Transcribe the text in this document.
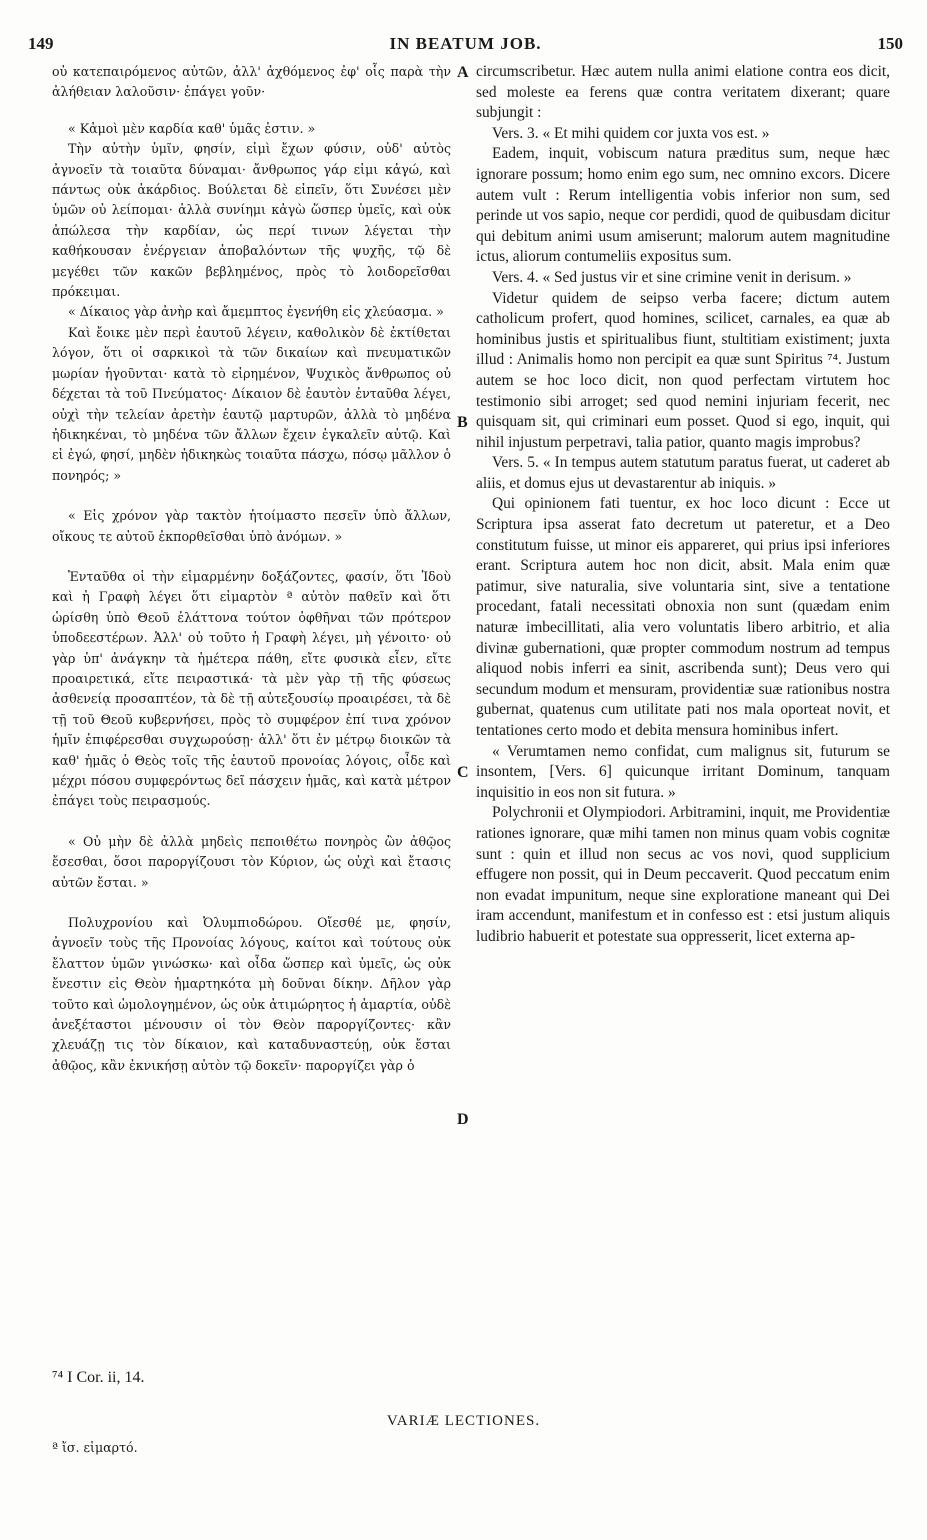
149	IN BEATUM JOB.	150

οὐ κατεπαιρόμενος αὐτῶν, ἀλλ' ἀχθόμενος ἐφ' οἷς παρὰ τὴν ἀλήθειαν λαλοῦσιν· ἐπάγει γοῦν·

« Κἀμοὶ μὲν καρδία καθ' ὑμᾶς ἐστιν. »

Τὴν αὐτὴν ὑμῖν, φησίν, εἰμὶ ἔχων φύσιν, οὐδ' αὐτὸς ἀγνοεῖν τὰ τοιαῦτα δύναμαι· ἄνθρωπος γάρ εἰμι κἀγώ, καὶ πάντως οὐκ ἀκάρδιος. Βούλεται δὲ εἰπεῖν, ὅτι Συνέσει μὲν ὑμῶν οὐ λείπομαι· ἀλλὰ συνίημι κἀγὼ ὥσπερ ὑμεῖς, καὶ οὐκ ἀπώλεσα τὴν καρδίαν, ὡς περί τινων λέγεται τὴν καθήκουσαν ἐνέργειαν ἀποβαλόντων τῆς ψυχῆς, τῷ δὲ μεγέθει τῶν κακῶν βεβλημένος, πρὸς τὸ λοιδορεῖσθαι πρόκειμαι.

« Δίκαιος γὰρ ἀνὴρ καὶ ἄμεμπτος ἐγενήθη εἰς χλεύασμα. »

Καὶ ἔοικε μὲν περὶ ἑαυτοῦ λέγειν, καθολικὸν δὲ ἐκτίθεται λόγον, ὅτι οἱ σαρκικοὶ τὰ τῶν δικαίων καὶ πνευματικῶν μωρίαν ἡγοῦνται· κατὰ τὸ εἰρημένον, Ψυχικὸς ἄνθρωπος οὐ δέχεται τὰ τοῦ Πνεύματος· Δίκαιον δὲ ἑαυτὸν ἐνταῦθα λέγει, οὐχὶ τὴν τελείαν ἀρετὴν ἑαυτῷ μαρτυρῶν, ἀλλὰ τὸ μηδένα ἠδικηκέναι, τὸ μηδένα τῶν ἄλλων ἔχειν ἐγκαλεῖν αὐτῷ. Καὶ εἰ ἐγώ, φησί, μηδὲν ἠδικηκὼς τοιαῦτα πάσχω, πόσῳ μᾶλλον ὁ πονηρός; »

« Εἰς χρόνον γὰρ τακτὸν ἡτοίμαστο πεσεῖν ὑπὸ ἄλλων, οἴκους τε αὐτοῦ ἐκπορθεῖσθαι ὑπὸ ἀνόμων. »

Ἐνταῦθα οἱ τὴν εἱμαρμένην δοξάζοντες, φασίν, ὅτι Ἰδοὺ καὶ ἡ Γραφὴ λέγει ὅτι εἱμαρτὸν ª αὐτὸν παθεῖν καὶ ὅτι ὡρίσθη ὑπὸ Θεοῦ ἐλάττονα τούτον ὀφθῆναι τῶν πρότερον ὑποδεεστέρων. Ἀλλ' οὐ τοῦτο ἡ Γραφὴ λέγει, μὴ γένοιτο· οὐ γὰρ ὑπ' ἀνάγκην τὰ ἡμέτερα πάθη, εἴτε φυσικὰ εἶεν, εἴτε προαιρετικά, εἴτε πειραστικά· τὰ μὲν γὰρ τῇ τῆς φύσεως ἀσθενείᾳ προσαπτέον, τὰ δὲ τῇ αὐτεξουσίῳ προαιρέσει, τὰ δὲ τῇ τοῦ Θεοῦ κυβερνήσει, πρὸς τὸ συμφέρον ἐπί τινα χρόνον ἡμῖν ἐπιφέρεσθαι συγχωρούσῃ· ἀλλ' ὅτι ἐν μέτρῳ διοικῶν τὰ καθ' ἡμᾶς ὁ Θεὸς τοῖς τῆς ἑαυτοῦ προνοίας λόγοις, οἶδε καὶ μέχρι πόσου συμφερόντως δεῖ πάσχειν ἡμᾶς, καὶ κατὰ μέτρον ἐπάγει τοὺς πειρασμούς.

« Οὐ μὴν δὲ ἀλλὰ μηδεὶς πεποιθέτω πονηρὸς ὢν ἀθῷος ἔσεσθαι, ὅσοι παροργίζουσι τὸν Κύριον, ὡς οὐχὶ καὶ ἔτασις αὐτῶν ἔσται. »

Πολυχρονίου καὶ Ὀλυμπιοδώρου. Οἴεσθέ με, φησίν, ἀγνοεῖν τοὺς τῆς Προνοίας λόγους, καίτοι καὶ τούτους οὐκ ἔλαττον ὑμῶν γινώσκω· καὶ οἶδα ὥσπερ καὶ ὑμεῖς, ὡς οὐκ ἔνεστιν εἰς Θεὸν ἡμαρτηκότα μὴ δοῦναι δίκην. Δῆλον γὰρ τοῦτο καὶ ὡμολογημένον, ὡς οὐκ ἀτιμώρητος ἡ ἁμαρτία, οὐδὲ ἀνεξέταστοι μένουσιν οἱ τὸν Θεὸν παροργίζοντες· κἂν χλευάζῃ τις τὸν δίκαιον, καὶ καταδυναστεύῃ, οὐκ ἔσται ἀθῷος, κἂν ἐκνικήσῃ αὐτὸν τῷ δοκεῖν· παροργίζει γὰρ ὁ

circumscribetur. Hæc autem nulla animi elatione contra eos dicit, sed moleste ea ferens quæ contra veritatem dixerant; quare subjungit :

Vers. 3. « Et mihi quidem cor juxta vos est. »

Eadem, inquit, vobiscum natura præditus sum, neque hæc ignorare possum; homo enim ego sum, nec omnino excors. Dicere autem vult : Rerum intelligentia vobis inferior non sum, sed perinde ut vos sapio, neque cor perdidi, quod de quibusdam dicitur qui debitum animi usum amiserunt; malorum autem magnitudine ictus, aliorum contumeliis expositus sum.

Vers. 4. « Sed justus vir et sine crimine venit in derisum. »

Videtur quidem de seipso verba facere; dictum autem catholicum profert, quod homines, scilicet, carnales, ea quæ ab hominibus justis et spiritualibus fiunt, stultitiam existiment; juxta illud : Animalis homo non percipit ea quæ sunt Spiritus ⁷⁴. Justum autem se hoc loco dicit, non quod perfectam virtutem hoc testimonio sibi arroget; sed quod nemini injuriam fecerit, nec quisquam sit, qui criminari eum posset. Quod si ego, inquit, qui nihil injustum perpetravi, talia patior, quanto magis improbus?

Vers. 5. « In tempus autem statutum paratus fuerat, ut caderet ab aliis, et domus ejus ut devastarentur ab iniquis. »

Qui opinionem fati tuentur, ex hoc loco dicunt : Ecce ut Scriptura ipsa asserat fato decretum ut pateretur, et a Deo constitutum fuisse, ut minor eis appareret, qui prius ipsi inferiores erant. Scriptura autem hoc non dicit, absit. Mala enim quæ patimur, sive naturalia, sive voluntaria sint, sive a tentatione procedant, fatali necessitati obnoxia non sunt (quædam enim naturæ imbecillitati, alia vero voluntatis libero arbitrio, et alia divinæ gubernationi, quæ propter commodum nostrum ad tempus aliquod nobis inferri ea sinit, ascribenda sunt); Deus vero qui secundum modum et mensuram, providentiæ suæ rationibus nostra gubernat, quatenus cum utilitate pati nos mala oporteat novit, et tentationes certo modo et debita mensura hominibus infert.

« Verumtamen nemo confidat, cum malignus sit, futurum se insontem, [Vers. 6] quicunque irritant Dominum, tanquam inquisitio in eos non sit futura. »

Polychronii et Olympiodori. Arbitramini, inquit, me Providentiæ rationes ignorare, quæ mihi tamen non minus quam vobis cognitæ sunt : quin et illud non secus ac vos novi, quod supplicium effugere non possit, qui in Deum peccaverit. Quod peccatum enim non evadat impunitum, neque sine exploratione maneant qui Dei iram accendunt, manifestum et in confesso est : etsi justum aliquis ludibrio habuerit et potestate sua oppresserit, licet externa ap-

A
B
C
D
⁷⁴ I Cor. ii, 14.
VARIÆ LECTIONES.
ª ἴσ. εἱμαρτό.
